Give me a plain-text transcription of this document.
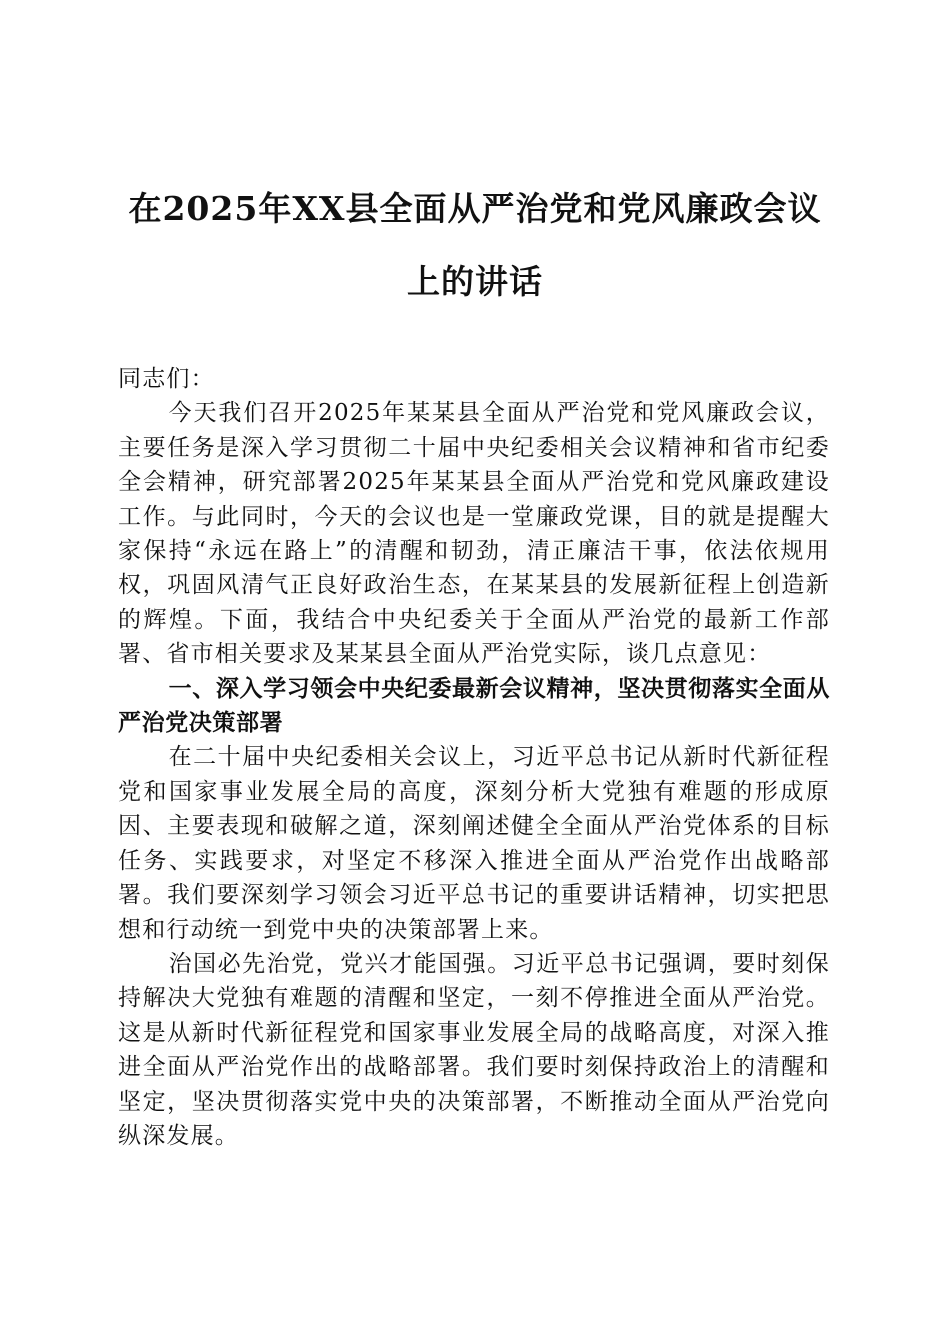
在2025年XX县全面从严治党和党风廉政会议上的讲话

同志们：

今天我们召开2025年某某县全面从严治党和党风廉政会议，主要任务是深入学习贯彻二十届中央纪委相关会议精神和省市纪委全会精神，研究部署2025年某某县全面从严治党和党风廉政建设工作。与此同时，今天的会议也是一堂廉政党课，目的就是提醒大家保持“永远在路上”的清醒和韧劲，清正廉洁干事，依法依规用权，巩固风清气正良好政治生态，在某某县的发展新征程上创造新的辉煌。下面，我结合中央纪委关于全面从严治党的最新工作部署、省市相关要求及某某县全面从严治党实际，谈几点意见：

一、深入学习领会中央纪委最新会议精神，坚决贯彻落实全面从严治党决策部署

在二十届中央纪委相关会议上，习近平总书记从新时代新征程党和国家事业发展全局的高度，深刻分析大党独有难题的形成原因、主要表现和破解之道，深刻阐述健全全面从严治党体系的目标任务、实践要求，对坚定不移深入推进全面从严治党作出战略部署。我们要深刻学习领会习近平总书记的重要讲话精神，切实把思想和行动统一到党中央的决策部署上来。

治国必先治党，党兴才能国强。习近平总书记强调，要时刻保持解决大党独有难题的清醒和坚定，一刻不停推进全面从严治党。这是从新时代新征程党和国家事业发展全局的战略高度，对深入推进全面从严治党作出的战略部署。我们要时刻保持政治上的清醒和坚定，坚决贯彻落实党中央的决策部署，不断推动全面从严治党向纵深发展。
